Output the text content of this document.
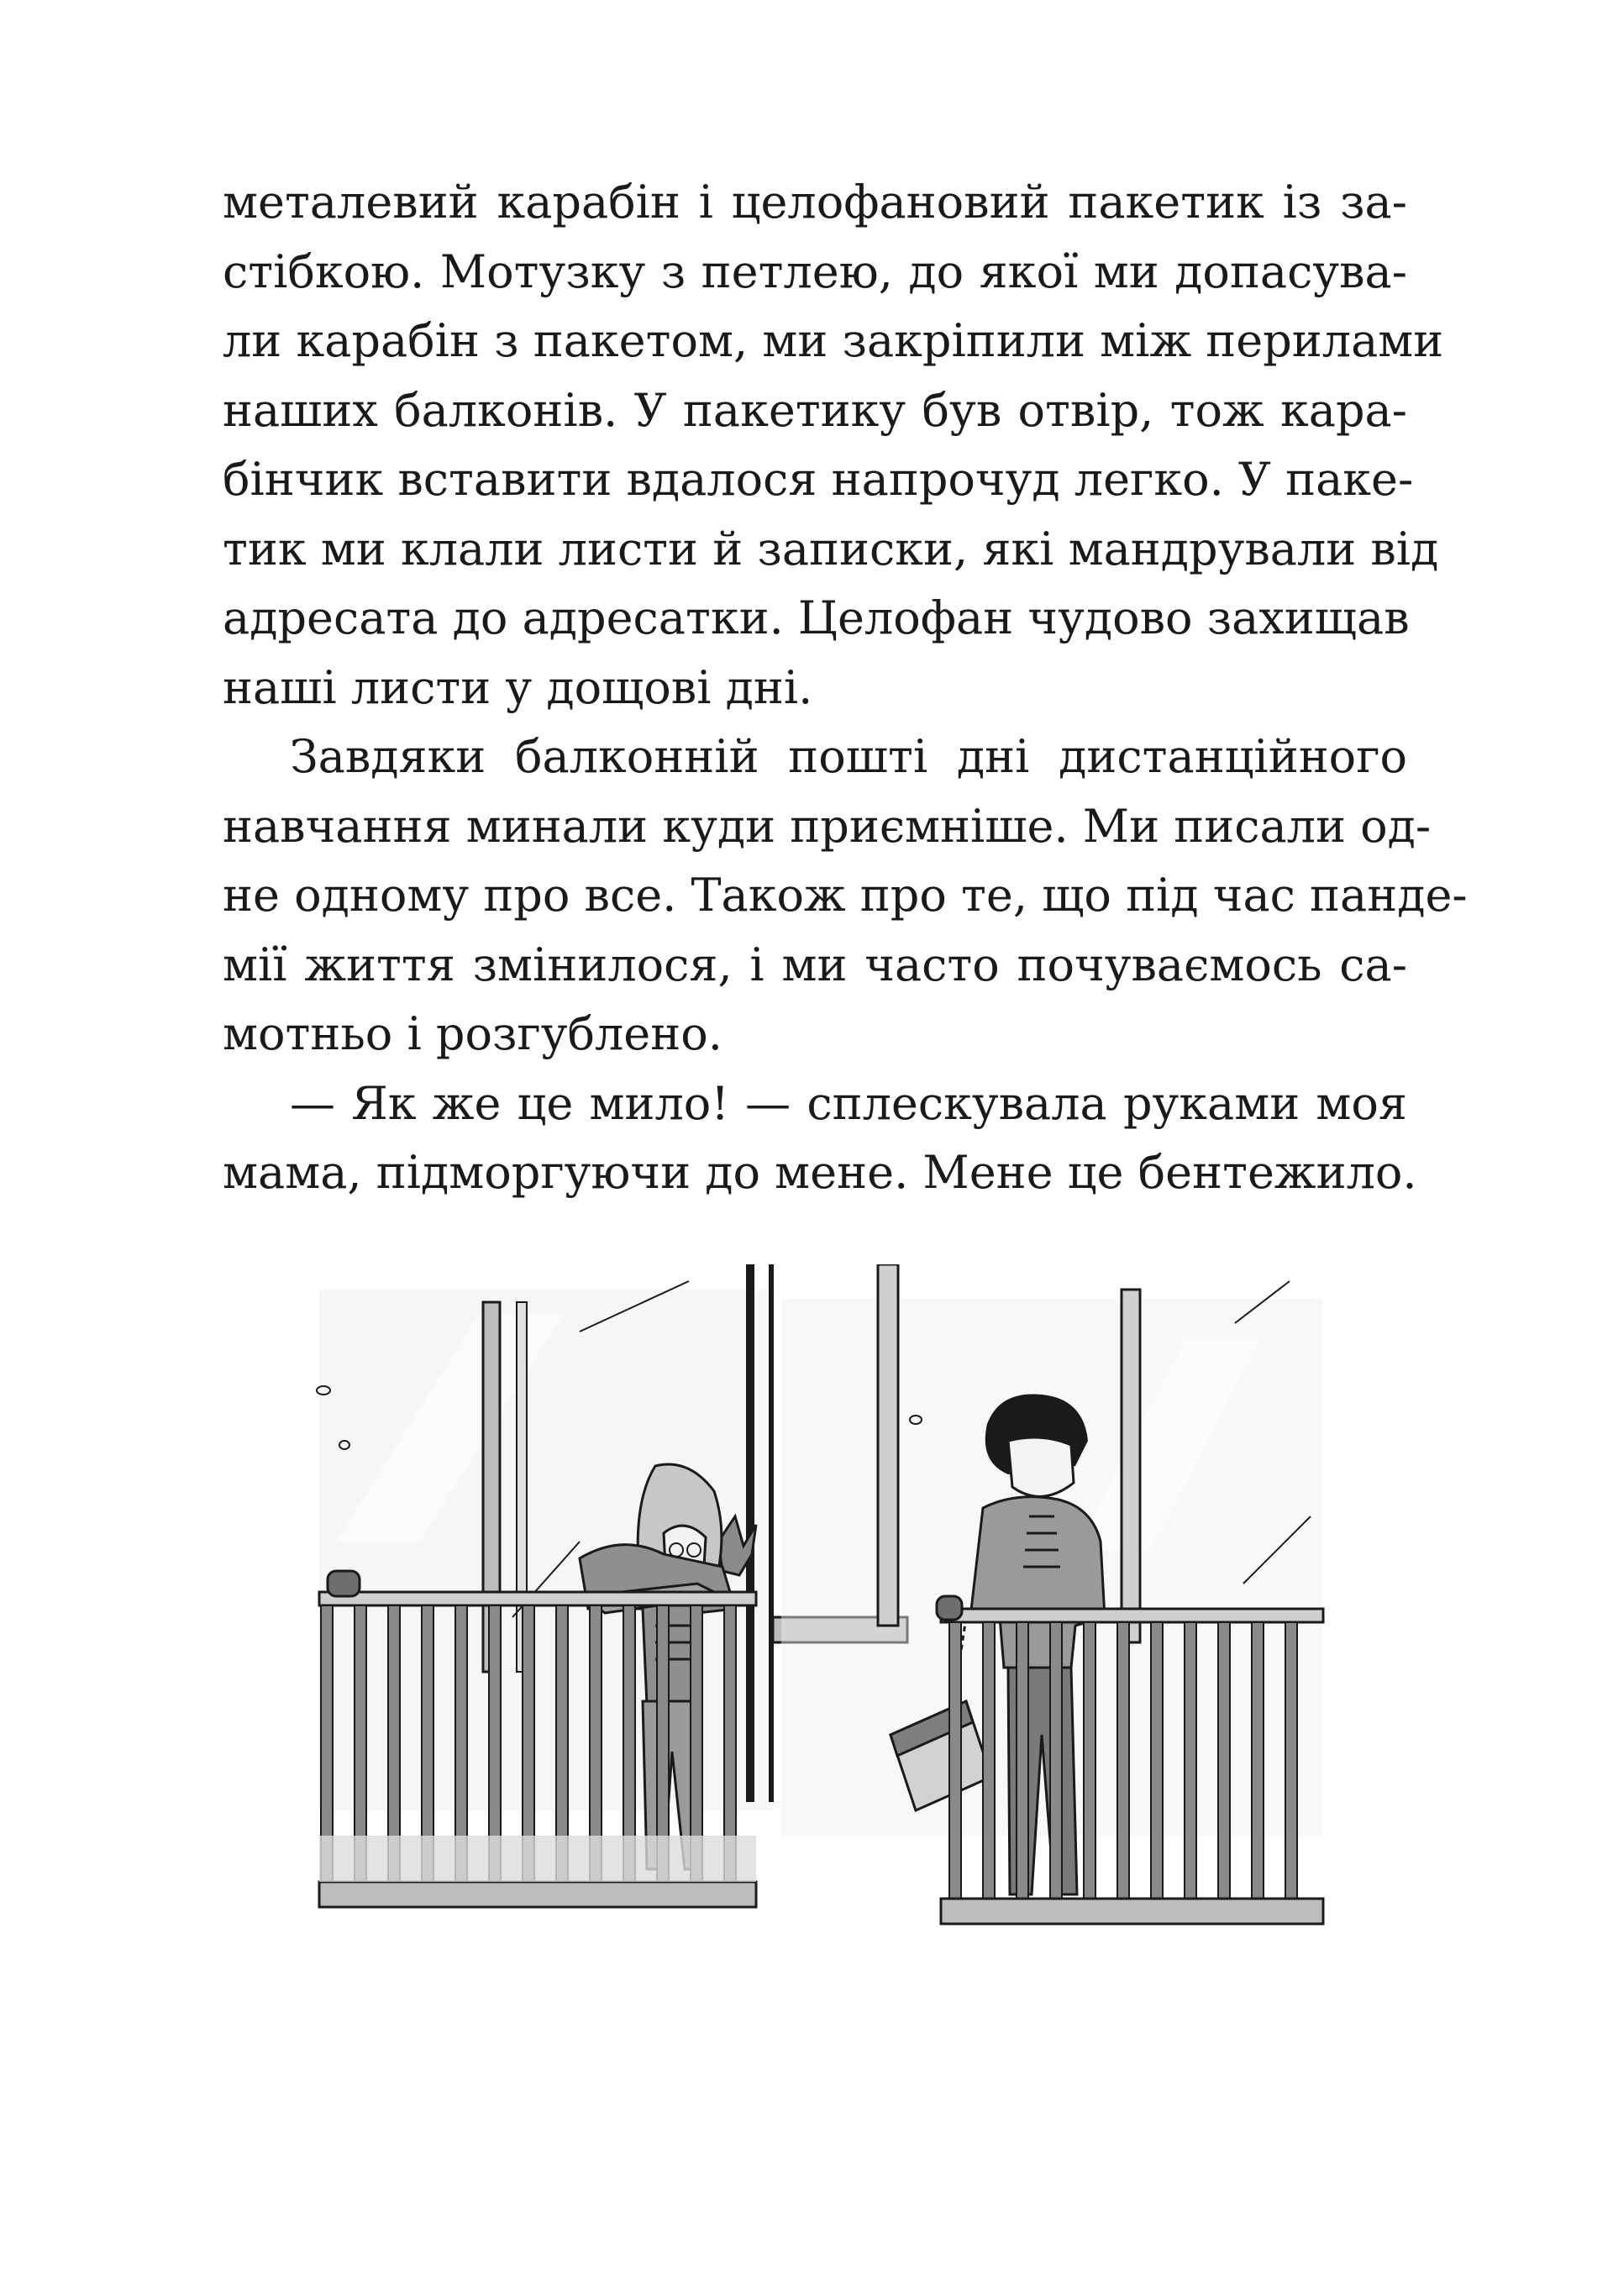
металевий карабін і целофановий пакетик із за-
стібкою. Мотузку з петлею, до якої ми допасува-
ли карабін з пакетом, ми закріпили між перилами
наших балконів. У пакетику був отвір, тож кара-
бінчик вставити вдалося напрочуд легко. У паке-
тик ми клали листи й записки, які мандрували від
адресата до адресатки. Целофан чудово захищав
наші листи у дощові дні.
Завдяки балконній пошті дні дистанційного
навчання минали куди приємніше. Ми писали од-
не одному про все. Також про те, що під час панде-
мії життя змінилося, і ми часто почуваємось са-
мотньо і розгублено.
— Як же це мило! — сплескувала руками моя
мама, підморгуючи до мене. Мене це бентежило.
